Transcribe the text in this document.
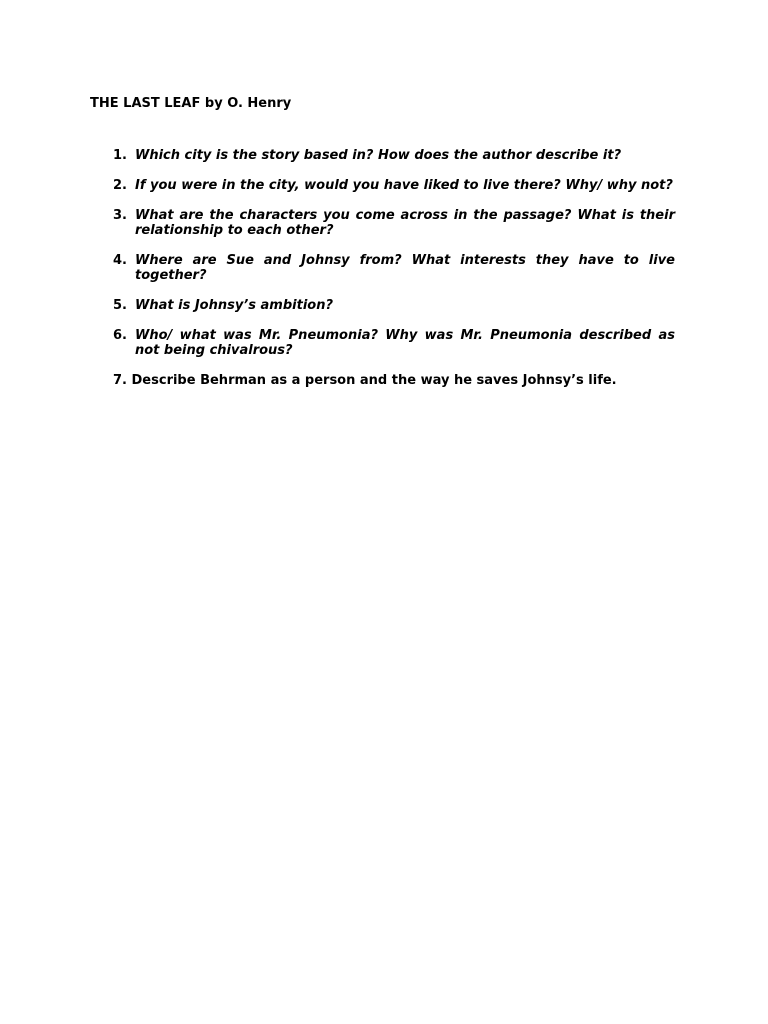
THE LAST LEAF by O. Henry
1. Which city is the story based in? How does the author describe it?
2. If you were in the city, would you have liked to live there? Why/ why not?
3. What are the characters you come across in the passage? What is their relationship to each other?
4. Where are Sue and Johnsy from? What interests they have to live together?
5. What is Johnsy’s ambition?
6. Who/ what was Mr. Pneumonia? Why was Mr. Pneumonia described as not being chivalrous?
7. Describe Behrman as a person and the way he saves Johnsy’s life.
